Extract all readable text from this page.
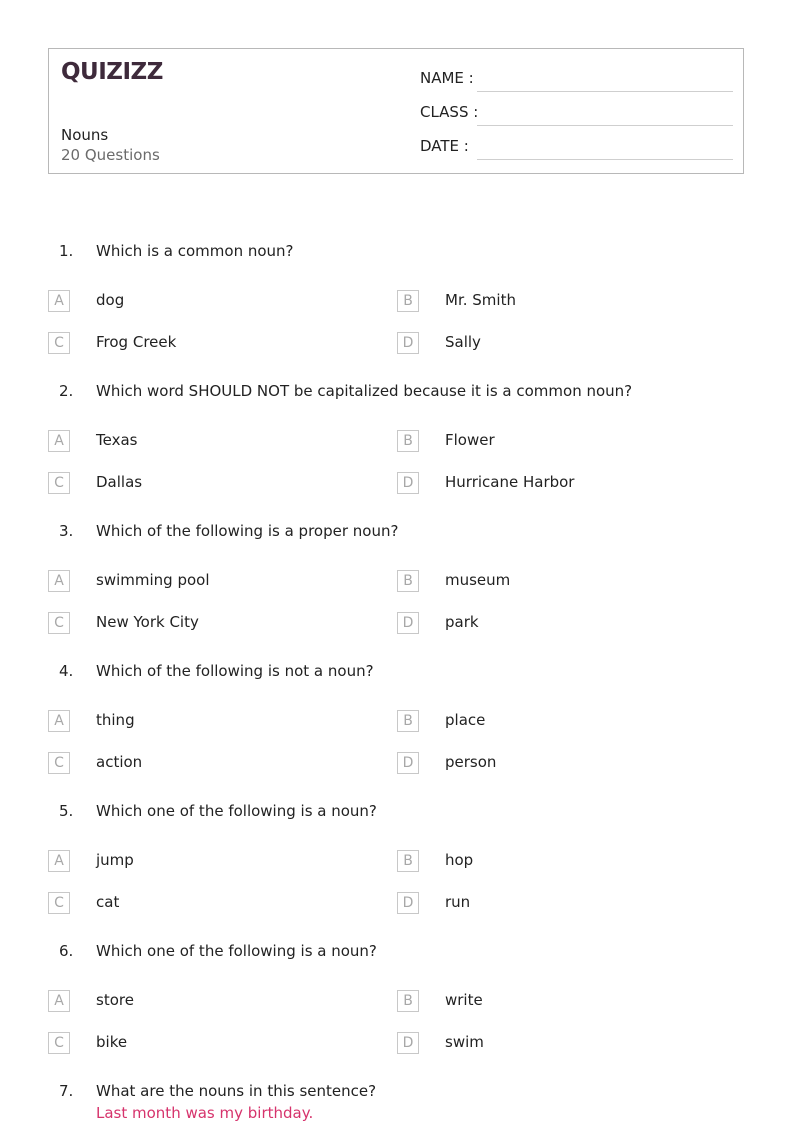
QUIZIZZ
Nouns
20 Questions
NAME :
CLASS :
DATE :
1. Which is a common noun?
A	dog	B	Mr. Smith
C	Frog Creek	D	Sally
2. Which word SHOULD NOT be capitalized because it is a common noun?
A	Texas	B	Flower
C	Dallas	D	Hurricane Harbor
3. Which of the following is a proper noun?
A	swimming pool	B	museum
C	New York City	D	park
4. Which of the following is not a noun?
A	thing	B	place
C	action	D	person
5. Which one of the following is a noun?
A	jump	B	hop
C	cat	D	run
6. Which one of the following is a noun?
A	store	B	write
C	bike	D	swim
7. What are the nouns in this sentence?
Last month was my birthday.
